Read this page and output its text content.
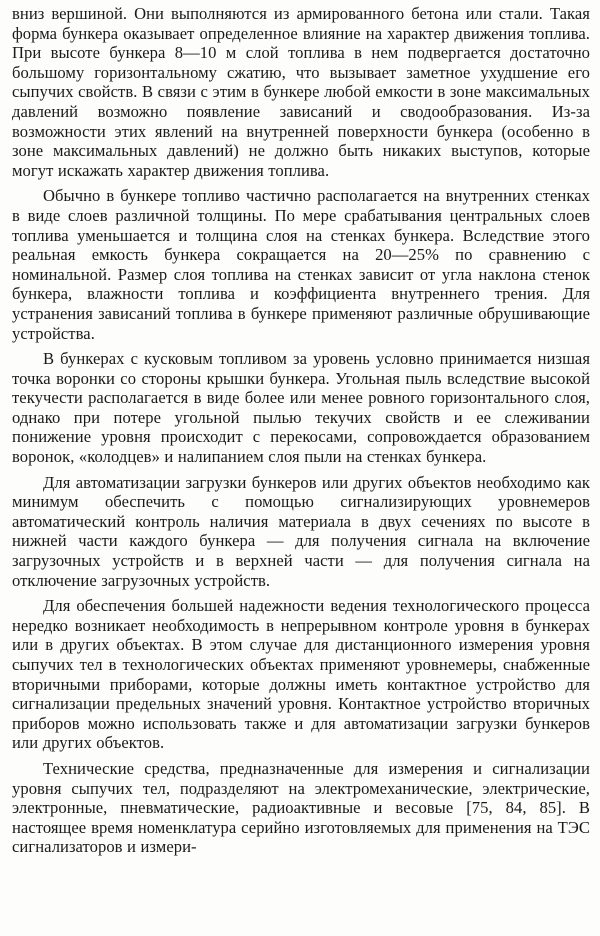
вниз вершиной. Они выполняются из армированного бетона или стали. Такая форма бункера оказывает определенное влияние на характер движения топлива. При высоте бункера 8—10 м слой топлива в нем подвергается достаточно большому горизонтальному сжатию, что вызывает заметное ухудшение его сыпучих свойств. В связи с этим в бункере любой емкости в зоне максимальных давлений возможно появление зависаний и сводообразования. Из-за возможности этих явлений на внутренней поверхности бункера (особенно в зоне максимальных давлений) не должно быть никаких выступов, которые могут искажать характер движения топлива.

Обычно в бункере топливо частично располагается на внутренних стенках в виде слоев различной толщины. По мере срабатывания центральных слоев топлива уменьшается и толщина слоя на стенках бункера. Вследствие этого реальная емкость бункера сокращается на 20—25% по сравнению с номинальной. Размер слоя топлива на стенках зависит от угла наклона стенок бункера, влажности топлива и коэффициента внутреннего трения. Для устранения зависаний топлива в бункере применяют различные обрушивающие устройства.

В бункерах с кусковым топливом за уровень условно принимается низшая точка воронки со стороны крышки бункера. Угольная пыль вследствие высокой текучести располагается в виде более или менее ровного горизонтального слоя, однако при потере угольной пылью текучих свойств и ее слеживании понижение уровня происходит с перекосами, сопровождается образованием воронок, «колодцев» и налипанием слоя пыли на стенках бункера.

Для автоматизации загрузки бункеров или других объектов необходимо как минимум обеспечить с помощью сигнализирующих уровнемеров автоматический контроль наличия материала в двух сечениях по высоте в нижней части каждого бункера — для получения сигнала на включение загрузочных устройств и в верхней части — для получения сигнала на отключение загрузочных устройств.

Для обеспечения большей надежности ведения технологического процесса нередко возникает необходимость в непрерывном контроле уровня в бункерах или в других объектах. В этом случае для дистанционного измерения уровня сыпучих тел в технологических объектах применяют уровнемеры, снабженные вторичными приборами, которые должны иметь контактное устройство для сигнализации предельных значений уровня. Контактное устройство вторичных приборов можно использовать также и для автоматизации загрузки бункеров или других объектов.

Технические средства, предназначенные для измерения и сигнализации уровня сыпучих тел, подразделяют на электромеханические, электрические, электронные, пневматические, радиоактивные и весовые [75, 84, 85]. В настоящее время номенклатура серийно изготовляемых для применения на ТЭС сигнализаторов и измери-
